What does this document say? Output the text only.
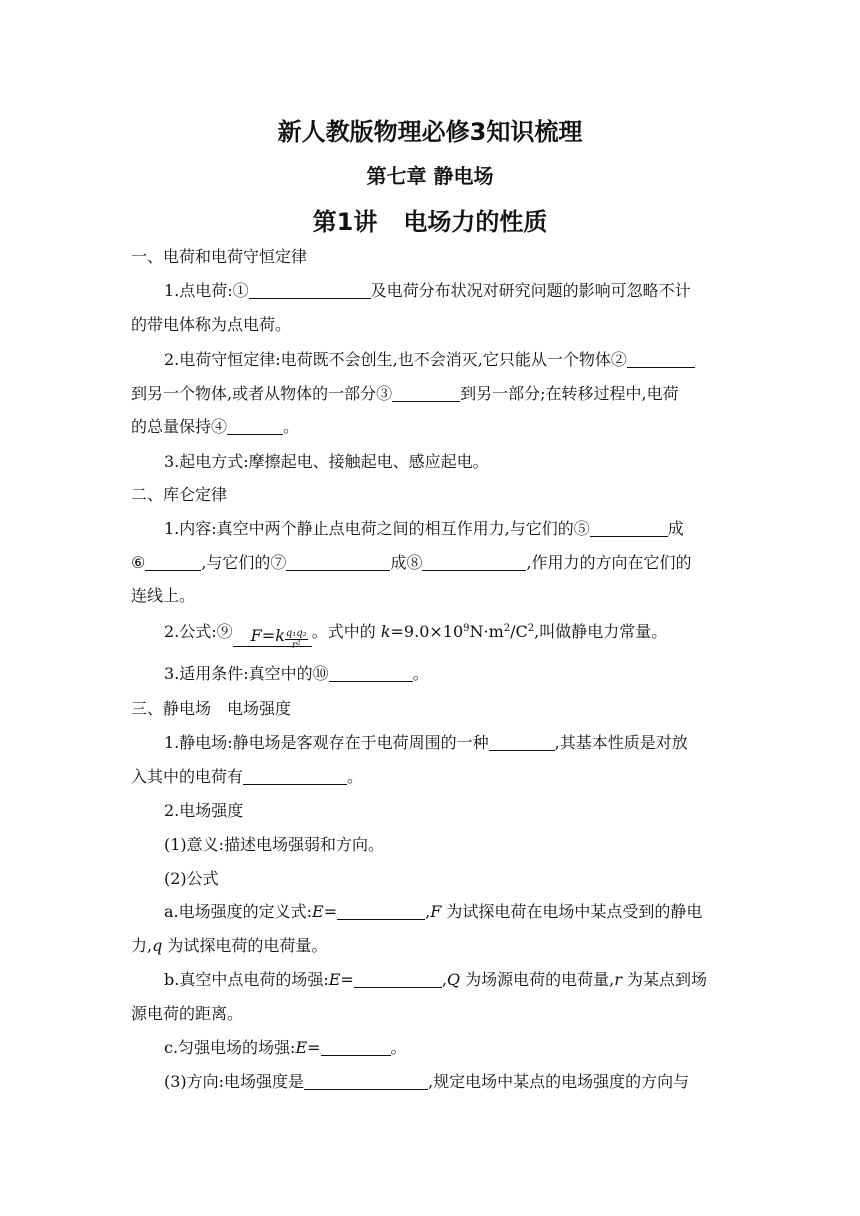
新人教版物理必修3知识梳理
第七章 静电场
第1讲 电场力的性质
一、电荷和电荷守恒定律
1.点电荷:①	及电荷分布状况对研究问题的影响可忽略不计
的带电体称为点电荷。
2.电荷守恒定律:电荷既不会创生,也不会消灭,它只能从一个物体②
到另一个物体,或者从物体的一部分③	到另一部分;在转移过程中,电荷
的总量保持④	。
3.起电方式:摩擦起电、接触起电、感应起电。
二、库仑定律
1.内容:真空中两个静止点电荷之间的相互作用力,与它们的⑤	成
⑥	,与它们的⑦	成⑧	,作用力的方向在它们的
连线上。
2.公式:⑨ $F=k \frac{\text{q₁q₂}}{\text{r²}}$ 。式中的 $k=9.0\times 10^9N\cdot m^2/C^2$,叫做静电力常量。
3.适用条件:真空中的⑩	。
三、静电场　电场强度
1.静电场:静电场是客观存在于电荷周围的一种	,其基本性质是对放
入其中的电荷有	。
2.电场强度
(1)意义:描述电场强弱和方向。
(2)公式
a.电场强度的定义式:E=	,F 为试探电荷在电场中某点受到的静电
力,q 为试探电荷的电荷量。
b.真空中点电荷的场强:E=	,Q 为场源电荷的电荷量,r 为某点到场
源电荷的距离。
c.匀强电场的场强:E=	。
(3)方向:电场强度是	,规定电场中某点的电场强度的方向与
